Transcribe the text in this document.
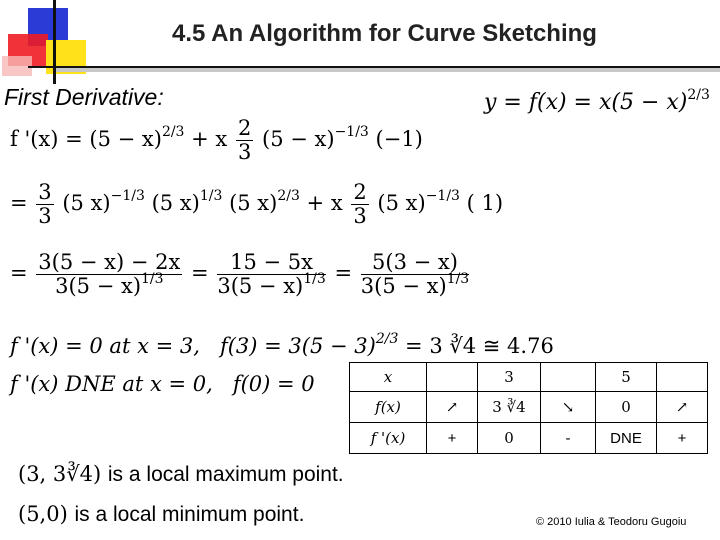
4.5 An Algorithm for Curve Sketching
First Derivative:	$y = f(x) = x(5 - x)^{2/3}$
f '$(x) = (5 - x)^{2/3} + x \frac{2}{3} (5 - x)^{-1/3}$ (−1)
= $\frac{3}{3} (5$ x)$^{-1/3}$ (5 x)$^{1/3}$ (5 x)$^{2/3}$ + x $\frac{2}{3} (5$ x)$^{-1/3}$ ( 1)
= $\frac{3(5 - x) - 2x}{3(5 - x)^{1/3}} = \frac{15 - 5x}{3(5 - x)^{1/3}} = \frac{5(3 - x)}{3(5 - x)^{1/3}}$
f '(x) = 0 at x = 3, $f(3) = 3(5 - 3)^{2/3} = 3$ ∛4 ≅ 4.76
f '(x) DNE at x = 0, f(0) = 0	x		3		5	
f(x)	↗	3 ∛4	↘	0	↗
f '(x)	+	0	-	DNE	+
(3, 3∛4) is a local maximum point.
(5,0) is a local minimum point.	© 2010 Iulia & Teodoru Gugoiu
